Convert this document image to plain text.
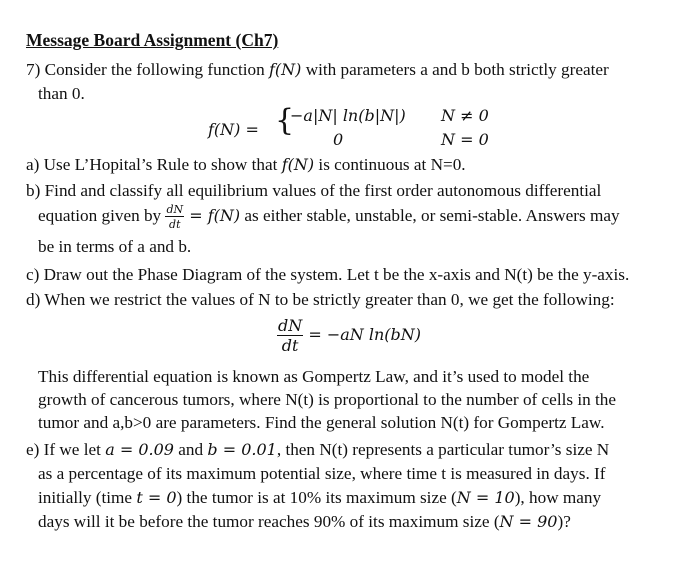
Message Board Assignment (Ch7)
7) Consider the following function f(N) with parameters a and b both strictly greater
than 0.
f(N) = {
−a|N| ln(b|N|)
0
N ≠ 0
N = 0
a) Use L’Hopital’s Rule to show that f(N) is continuous at N=0.
b) Find and classify all equilibrium values of the first order autonomous differential
equation given by $\frac{dN}{dt} = f(N)$ as either stable, unstable, or semi-stable. Answers may
be in terms of a and b.
c) Draw out the Phase Diagram of the system. Let t be the x-axis and N(t) be the y-axis.
d) When we restrict the values of N to be strictly greater than 0, we get the following:
$\frac{dN}{dt} = -aN$ ln(bN)
This differential equation is known as Gompertz Law, and it’s used to model the
growth of cancerous tumors, where N(t) is proportional to the number of cells in the
tumor and a,b>0 are parameters. Find the general solution N(t) for Gompertz Law.
e) If we let a = 0.09 and b = 0.01, then N(t) represents a particular tumor’s size N
as a percentage of its maximum potential size, where time t is measured in days. If
initially (time t = 0) the tumor is at 10% its maximum size (N = 10), how many
days will it be before the tumor reaches 90% of its maximum size (N = 90)?
